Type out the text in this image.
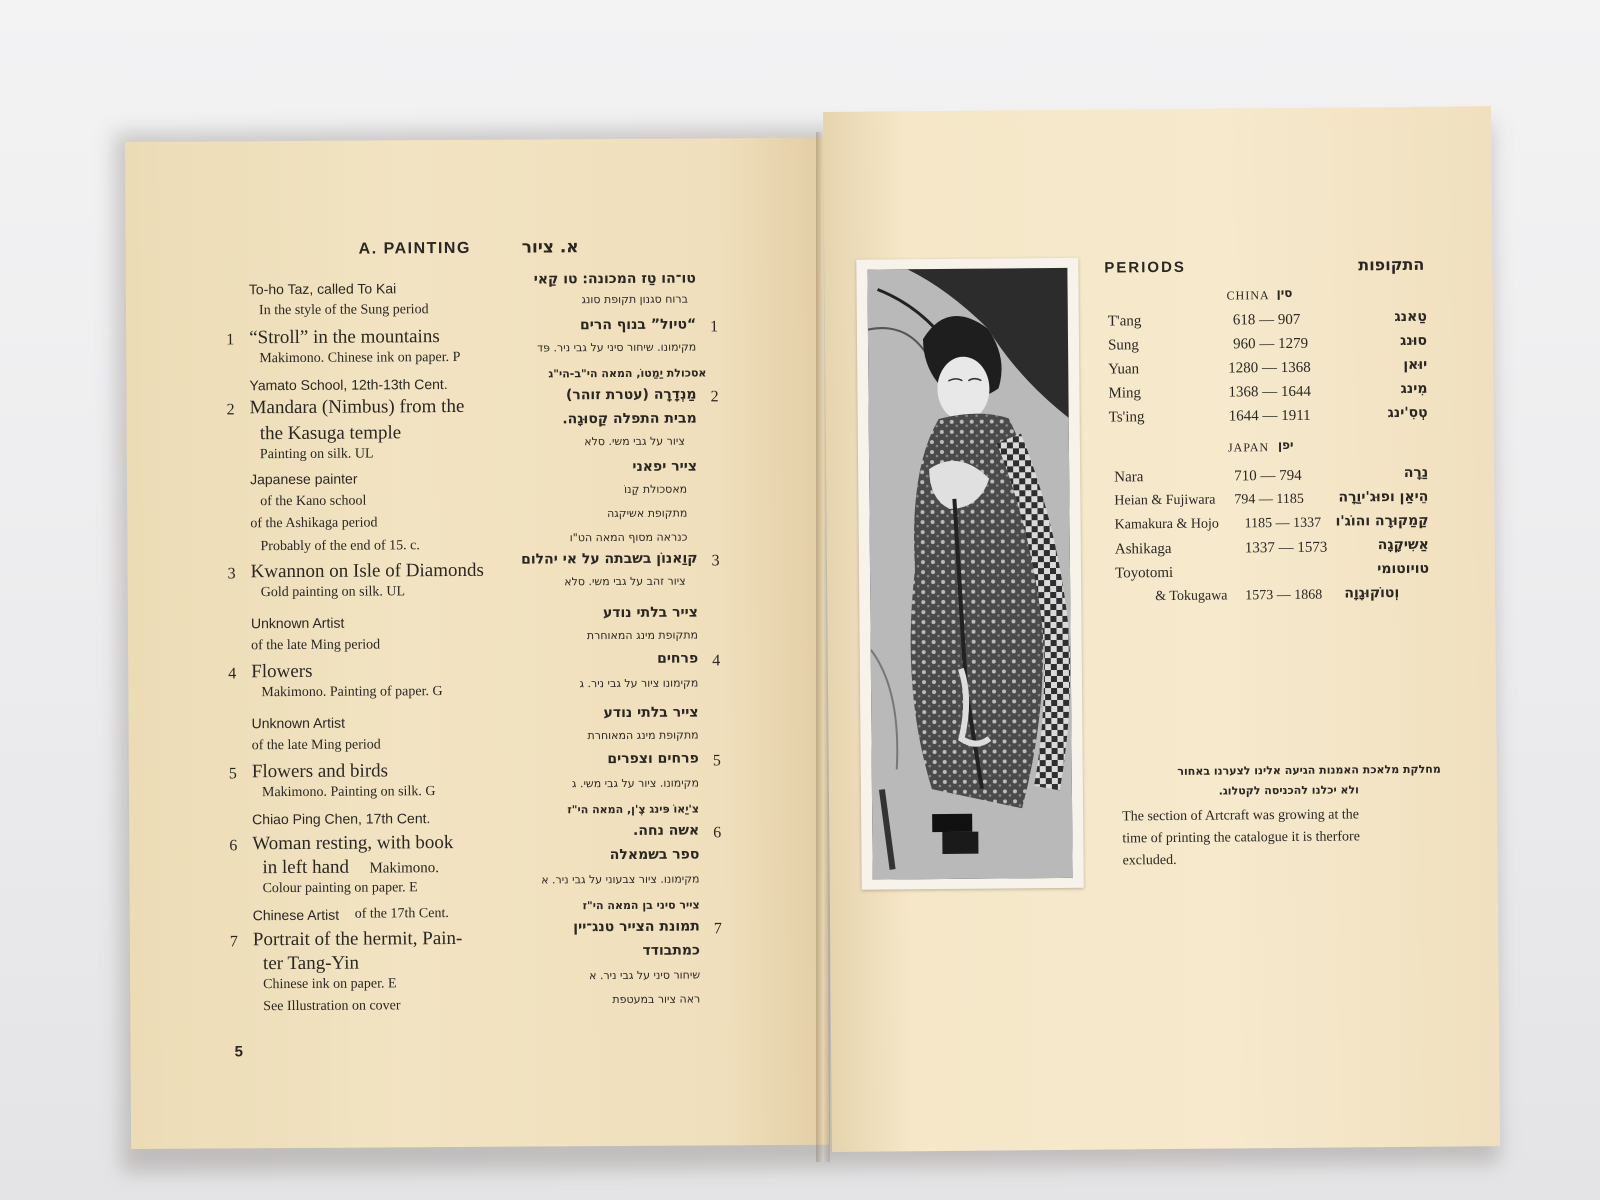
A. PAINTING	א. ציור
To-ho Taz, called To Kai
In the style of the Sung period
טו־הו טַז המכונה: טו קַאי
ברוח סגנון תקופת סונג
1 “Stroll” in the mountains
Makimono. Chinese ink on paper. P
1
“טיול” בנוף הרים
מקימונו. שיחור סיני על גבי ניר. פּד
Yamato School, 12th-13th Cent.
אסכולת יַמַטוֹ, המאה הי"ב-הי"ג
2 Mandara (Nimbus) from the
the Kasuga temple
Painting on silk. UL
2
מַנְדָרָה (עטרת זוהר)
מבית התפלה קַסוּגָה.
ציור על גבי משי. סלא
Japanese painter
of the Kano school
of the Ashikaga period
Probably of the end of 15. c.
צייר יפאני
מאסכולת קַנוֹ
מתקופת אשיקגה
כנראה מסוף המאה הט"ו
3 Kwannon on Isle of Diamonds
Gold painting on silk. UL
3
קוַאנוֹן בשבתה על אי יהלום
ציור זהב על גבי משי. סלא
Unknown Artist
of the late Ming period
צייר בלתי נודע
מתקופת מינג המאוחרת
4 Flowers
Makimono. Painting of paper. G
4
פרחים
מקימונו ציור על גבי ניר. ג
Unknown Artist
of the late Ming period
צייר בלתי נודע
מתקופת מינג המאוחרת
5 Flowers and birds
Makimono. Painting on silk. G
5
פרחים וצפרים
מקימונו. ציור על גבי משי. ג
Chiao Ping Chen, 17th Cent.
צ'יַאוֹ פּינג צֶ'ן, המאה הי"ז
6 Woman resting, with book
in left hand Makimono.
Colour painting on paper. E
6
אשה נחה.
ספר בשמאלה
מקימונו. ציור צבעוני על גבי ניר. א
Chinese Artist of the 17th Cent.
צייר סיני בן המאה הי"ז
7 Portrait of the hermit, Pain-
ter Tang-Yin
Chinese ink on paper. E
See Illustration on cover
7
תמונת הצייר טנג־יין
כמתבודד
שיחור סיני על גבי ניר. א
ראה ציור במעטפת
5
PERIODS	התקופות
CHINA סין
T'ang	618 — 907	טַאנג
Sung	960 — 1279	סוּנג
Yuan	1280 — 1368	יוּאן
Ming	1368 — 1644	מִינג
Ts'ing	1644 — 1911	טְסִ'ינג
JAPAN יפן
Nara	710 — 794	נַרָה
Heian & Fujiwara 794 — 1185 הֵיאַן ופוּג'יוַרָה
Kamakura & Hojo 1185 — 1337 קַמַקוּרָה והוֹג'ו
Ashikaga	1337 — 1573	אַשִיקָגָה
Toyotomi	טויוטומי
& Tokugawa 1573 — 1868 וְטוֹקוּגָוָה
מחלקת מלאכת האמנות הגיעה אלינו לצערנו באחור
ולא יכלנו להכניסה לקטלוג.
The section of Artcraft was growing at the
time of printing the catalogue it is therfore
excluded.
